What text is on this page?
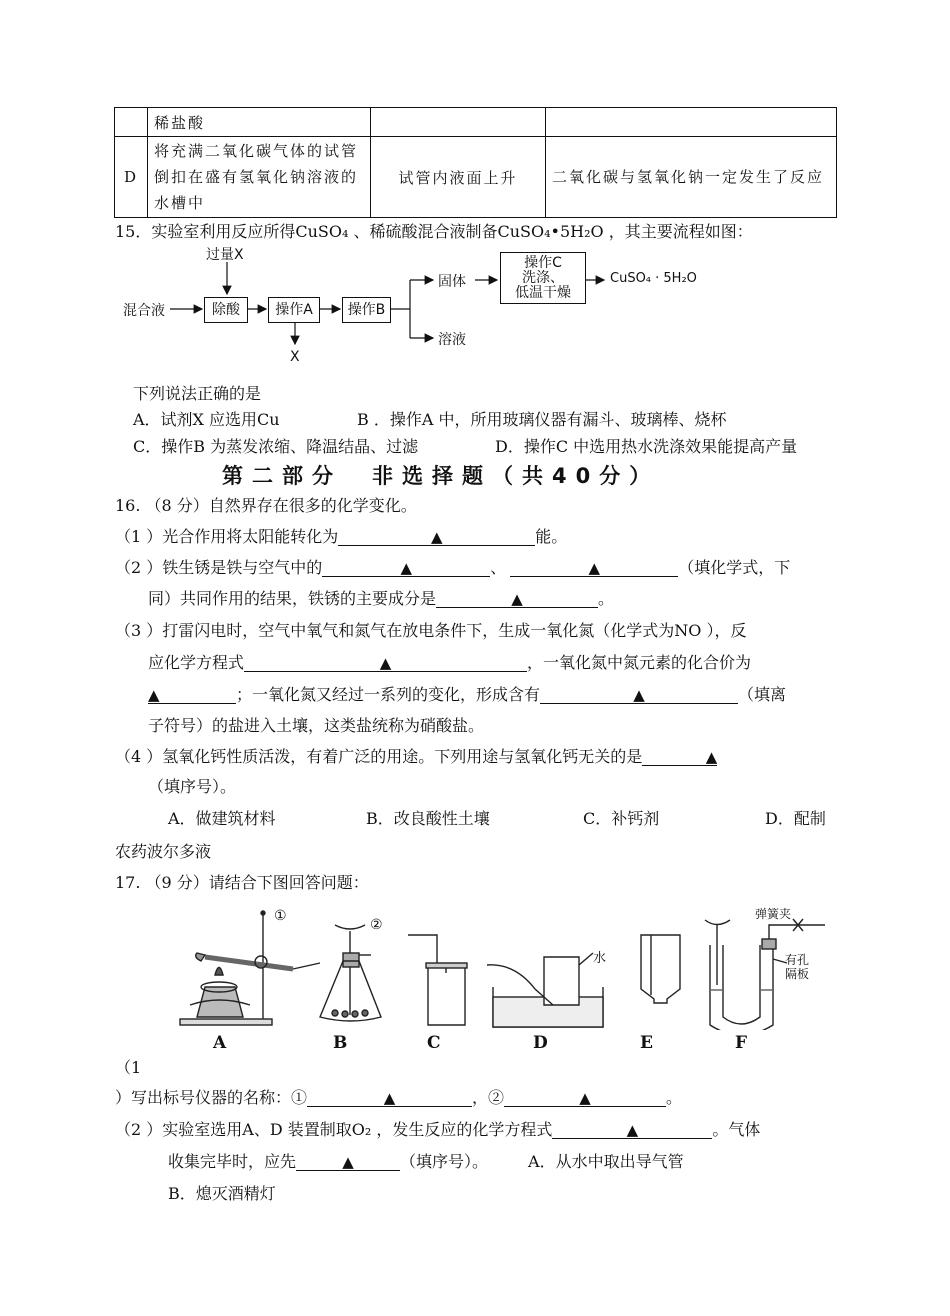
	稀盐酸		
D	将充满二氧化碳气体的试管倒扣在盛有氢氧化钠溶液的水槽中	试管内液面上升	二氧化碳与氢氧化钠一定发生了反应
15．实验室利用反应所得CuSO₄ 、稀硫酸混合液制备CuSO₄•5H₂O ，其主要流程如图：
混合液
过量X
除酸	操作A	操作B
操作C
洗涤、
低温干燥
固体
溶液
X
CuSO₄ · 5H₂O
下列说法正确的是
A．试剂X 应选用Cu	B ．操作A 中，所用玻璃仪器有漏斗、玻璃棒、烧杯
C．操作B 为蒸发浓缩、降温结晶、过滤	D．操作C 中选用热水洗涤效果能提高产量
第二部分　非选择题（共40分）
16. （8 分）自然界存在很多的化学变化。
（1 ）光合作用将太阳能转化为	▲	能。
（2 ）铁生锈是铁与空气中的	▲	、	▲	（填化学式，下
同）共同作用的结果，铁锈的主要成分是	▲	。
（3 ）打雷闪电时，空气中氧气和氮气在放电条件下，生成一氧化氮（化学式为NO ），反
应化学方程式	▲	，一氧化氮中氮元素的化合价为
▲	；一氧化氮又经过一系列的变化，形成含有	▲	（填离
子符号）的盐进入土壤，这类盐统称为硝酸盐。
（4 ）氢氧化钙性质活泼，有着广泛的用途。下列用途与氢氧化钙无关的是	▲
（填序号）。
A．做建筑材料	B．改良酸性土壤	C．补钙剂	D．配制
农药波尔多液
17. （9 分）请结合下图回答问题：
①
②
水
弹簧夹
有孔
隔板
A	B	C	D	E	F
（1
）写出标号仪器的名称：①	▲	，②	▲	。
（2 ）实验室选用A、D 装置制取O₂ ，发生反应的化学方程式	▲	。气体
收集完毕时，应先	▲	（填序号）。	A．从水中取出导气管
B．熄灭酒精灯
